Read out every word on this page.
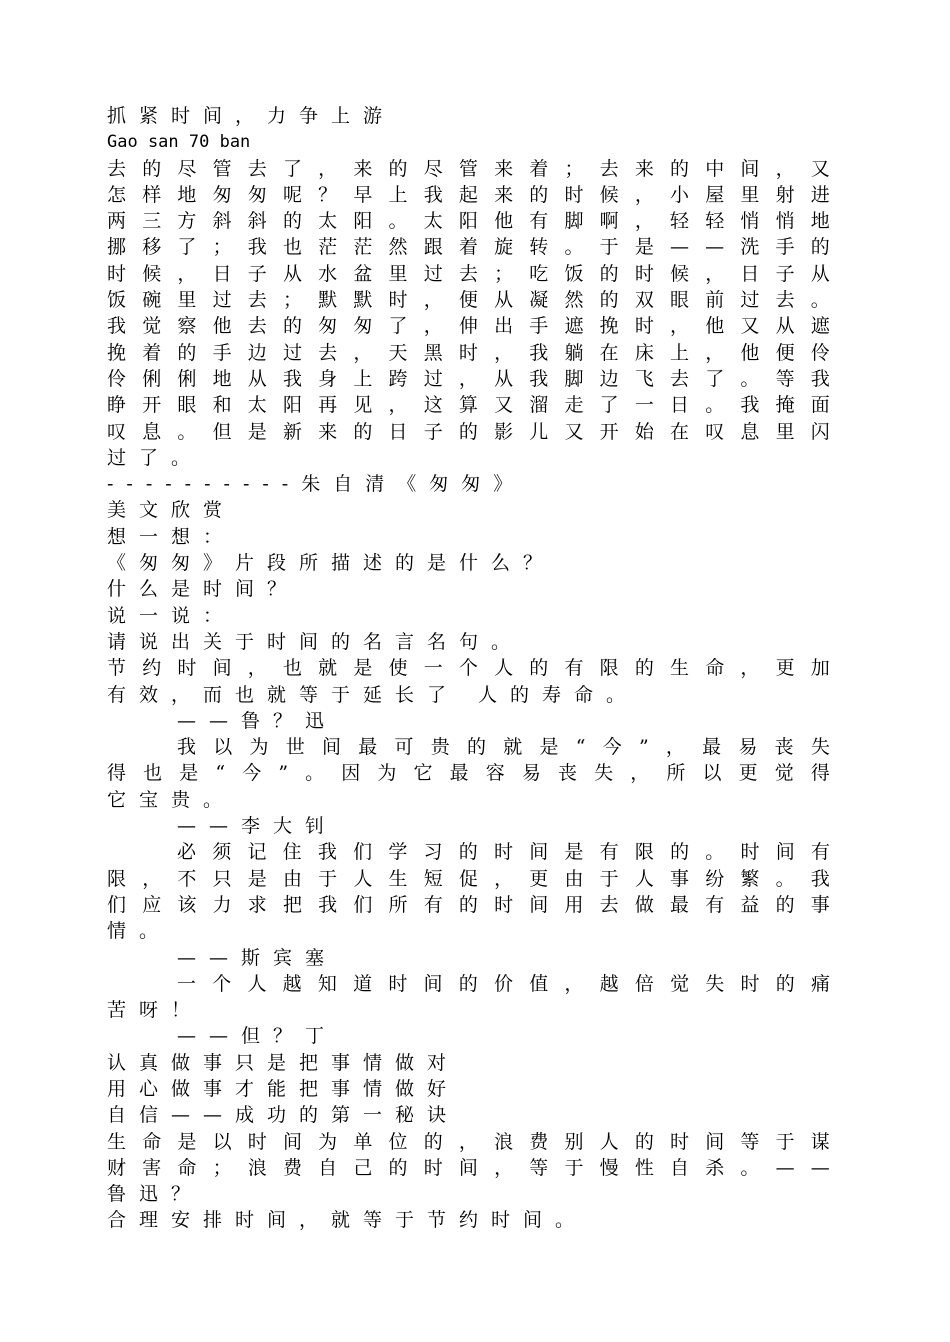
抓紧时间，力争上游
Gao san 70 ban
去 的 尽 管 去 了 ， 来 的 尽 管 来 着 ； 去 来 的 中 间 ， 又
怎 样 地 匆 匆 呢 ？ 早 上 我 起 来 的 时 候 ， 小 屋 里 射 进
两 三 方 斜 斜 的 太 阳 。 太 阳 他 有 脚 啊 ， 轻 轻 悄 悄 地
挪 移 了 ； 我 也 茫 茫 然 跟 着 旋 转 。 于 是 — — 洗 手 的
时 候 ， 日 子 从 水 盆 里 过 去 ； 吃 饭 的 时 候 ， 日 子 从
饭 碗 里 过 去 ； 默 默 时 ， 便 从 凝 然 的 双 眼 前 过 去 。
我 觉 察 他 去 的 匆 匆 了 ， 伸 出 手 遮 挽 时 ， 他 又 从 遮
挽 着 的 手 边 过 去 ， 天 黑 时 ， 我 躺 在 床 上 ， 他 便 伶
伶 俐 俐 地 从 我 身 上 跨 过 ， 从 我 脚 边 飞 去 了 。 等 我
睁 开 眼 和 太 阳 再 见 ， 这 算 又 溜 走 了 一 日 。 我 掩 面
叹 息 。 但 是 新 来 的 日 子 的 影 儿 又 开 始 在 叹 息 里 闪
过了。
----------朱自清《匆匆》
美文欣赏
想一想：
《匆匆》片段所描述的是什么？
什么是时间？
说一说：
请说出关于时间的名言名句。
节 约 时 间 ， 也 就 是 使 一 个 人 的 有 限 的 生 命 ， 更 加
有效，而也就等于延长了 人的寿命。
——鲁？迅
我 以 为 世 间 最 可 贵 的 就 是 “ 今 ” ， 最 易 丧 失
得 也 是 “ 今 ” 。 因 为 它 最 容 易 丧 失 ， 所 以 更 觉 得
它宝贵。
——李大钊
必 须 记 住 我 们 学 习 的 时 间 是 有 限 的 。 时 间 有
限 ， 不 只 是 由 于 人 生 短 促 ， 更 由 于 人 事 纷 繁 。 我
们 应 该 力 求 把 我 们 所 有 的 时 间 用 去 做 最 有 益 的 事
情。
——斯宾塞
一 个 人 越 知 道 时 间 的 价 值 ， 越 倍 觉 失 时 的 痛
苦呀！
——但？丁
认真做事只是把事情做对
用心做事才能把事情做好
自信——成功的第一秘诀
生 命 是 以 时 间 为 单 位 的 ， 浪 费 别 人 的 时 间 等 于 谋
财 害 命 ； 浪 费 自 己 的 时 间 ， 等 于 慢 性 自 杀 。 — —
鲁迅？
合理安排时间，就等于节约时间。
